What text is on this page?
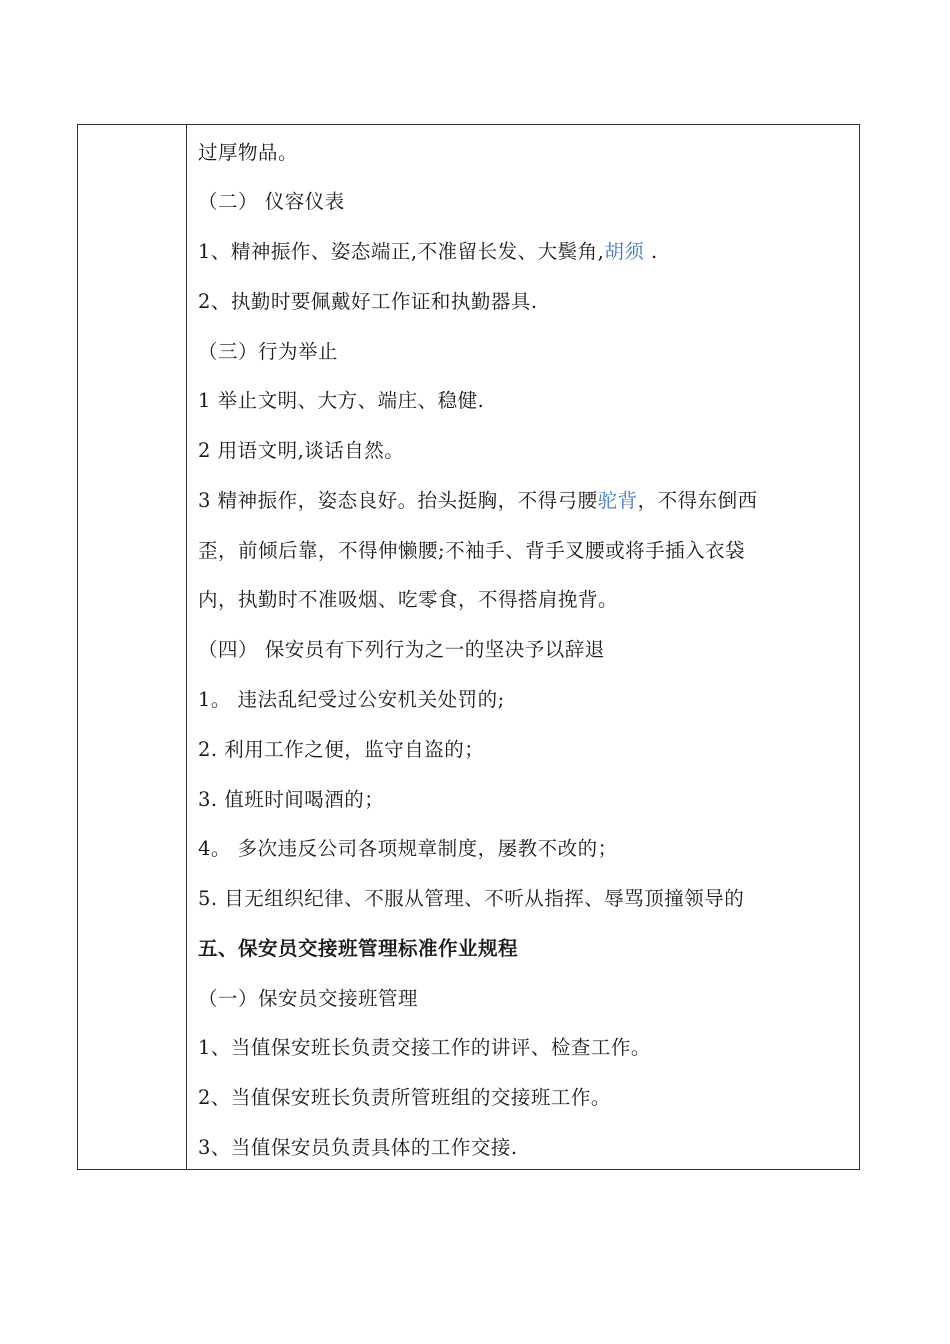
过厚物品。
（二） 仪容仪表
1、精神振作、姿态端正,不准留长发、大鬓角,胡须 .
2、执勤时要佩戴好工作证和执勤器具.
（三）行为举止
1 举止文明、大方、端庄、稳健.
2 用语文明,谈话自然。
3 精神振作，姿态良好。抬头挺胸，不得弓腰驼背，不得东倒西
歪，前倾后靠，不得伸懒腰;不袖手、背手叉腰或将手插入衣袋
内，执勤时不准吸烟、吃零食，不得搭肩挽背。
（四） 保安员有下列行为之一的坚决予以辞退
1。 违法乱纪受过公安机关处罚的;
2. 利用工作之便，监守自盗的；
3. 值班时间喝酒的；
4。 多次违反公司各项规章制度，屡教不改的；
5. 目无组织纪律、不服从管理、不听从指挥、辱骂顶撞领导的
五、保安员交接班管理标准作业规程
（一）保安员交接班管理
1、当值保安班长负责交接工作的讲评、检查工作。
2、当值保安班长负责所管班组的交接班工作。
3、当值保安员负责具体的工作交接.
